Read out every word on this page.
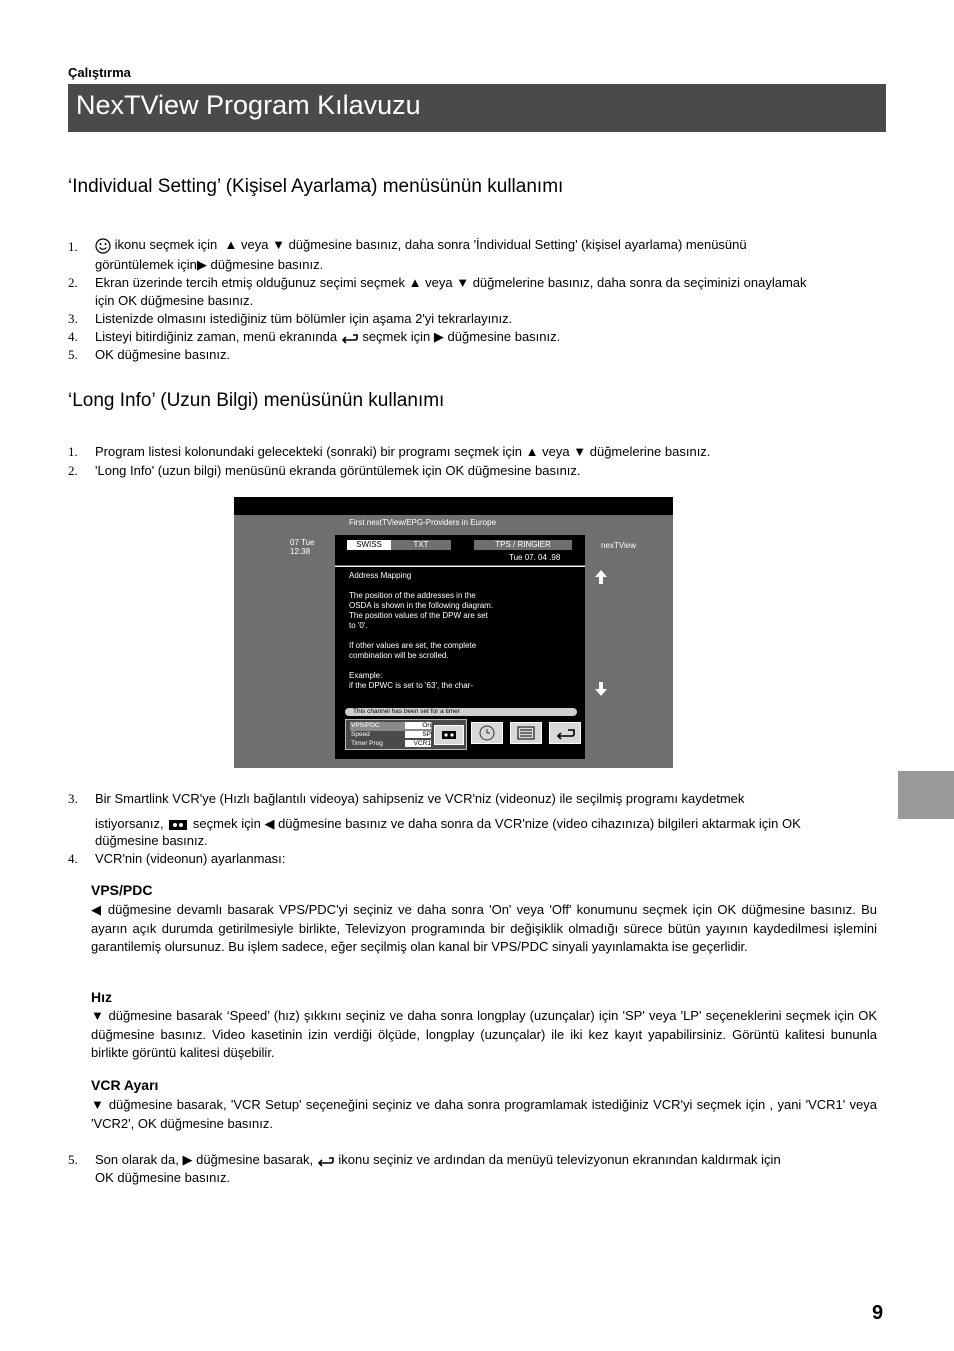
Çalıştırma
NexTView Program Kılavuzu
‘Individual Setting’ (Kişisel Ayarlama) menüsünün kullanımı
1.	ikonu seçmek için  ▲ veya ▼ düğmesine basınız, daha sonra 'İndividual Setting' (kişisel ayarlama) menüsünü
görüntülemek için▶ düğmesine basınız.
2. Ekran üzerinde tercih etmiş olduğunuz seçimi seçmek ▲ veya ▼ düğmelerine basınız, daha sonra da seçiminizi onaylamak
için OK düğmesine basınız.
3. Listenizde olmasını istediğiniz tüm bölümler için aşama 2'yi tekrarlayınız.
4. Listeyi bitirdiğiniz zaman, menü ekranında seçmek için ▶ düğmesine basınız.
5. OK düğmesine basınız.
‘Long Info’ (Uzun Bilgi) menüsünün kullanımı
1. Program listesi kolonundaki gelecekteki (sonraki) bir programı seçmek için ▲ veya ▼ düğmelerine basınız.
2. 'Long Info' (uzun bilgi) menüsünü ekranda görüntülemek için OK düğmesine basınız.
First nextTView/EPG-Providers in Europe
07 Tue
12:38
nexTView
SWISS	TXT	TPS / RINGIER
Tue 07. 04 .98
Address Mapping
The position of the addresses in the
OSDA is shown in the following diagram.
The position values of the DPW are set
to '0'.
If other values are set, the complete
combination will be scrolled.
Example:
if the DPWC is set to '63', the char-
This channel has been set for a timer
VPS/PDC	On
Speed	SP
Timer Prog	VCR1
3. Bir Smartlink VCR'ye (Hızlı bağlantılı videoya) sahipseniz ve VCR'niz (videonuz) ile seçilmiş programı kaydetmek
istiyorsanız, seçmek için ◀ düğmesine basınız ve daha sonra da VCR'nize (video cihazınıza) bilgileri aktarmak için OK
düğmesine basınız.
4. VCR'nin (videonun) ayarlanması:
VPS/PDC
◀ düğmesine devamlı basarak VPS/PDC'yi seçiniz ve daha sonra 'On' veya 'Off' konumunu seçmek için OK düğmesine basınız. Bu ayarın açık durumda getirilmesiyle birlikte, Televizyon programında bir değişiklik olmadığı sürece bütün yayının kaydedilmesi işlemini garantilemiş olursunuz. Bu işlem sadece, eğer seçilmiş olan kanal bir VPS/PDC sinyali yayınlamakta ise geçerlidir.
Hız
▼ düğmesine basarak ‘Speed’ (hız) şıkkını seçiniz ve daha sonra longplay (uzunçalar) için 'SP' veya 'LP' seçeneklerini seçmek için OK düğmesine basınız. Video kasetinin izin verdiği ölçüde, longplay (uzunçalar) ile iki kez kayıt yapabilirsiniz. Görüntü kalitesi bununla birlikte görüntü kalitesi düşebilir.
VCR Ayarı
▼ düğmesine basarak, 'VCR Setup' seçeneğini seçiniz ve daha sonra programlamak istediğiniz VCR'yi seçmek için , yani 'VCR1' veya 'VCR2', OK düğmesine basınız.
5. Son olarak da, ▶ düğmesine basarak, ikonu seçiniz ve ardından da menüyü televizyonun ekranından kaldırmak için
OK düğmesine basınız.
9
